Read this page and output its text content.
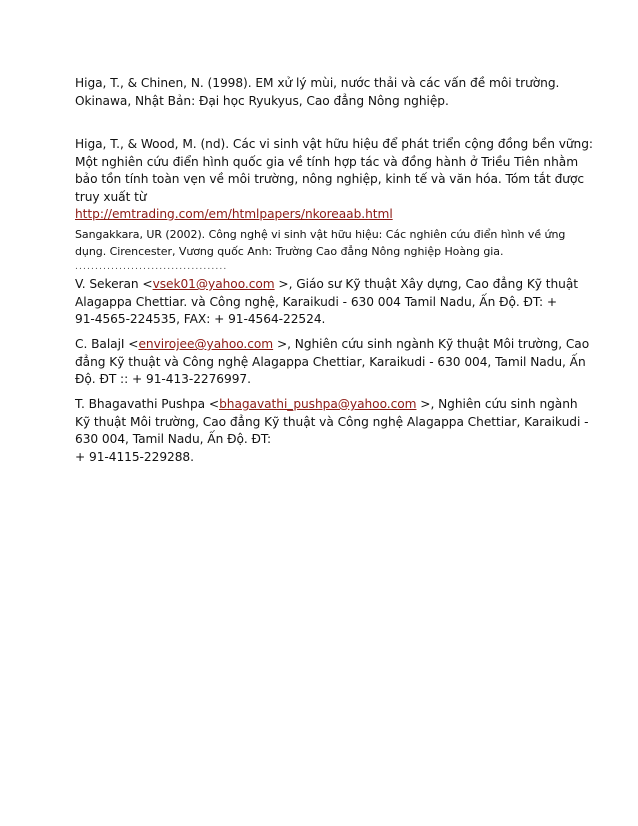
Higa, T., & Chinen, N. (1998). EM xử lý mùi, nước thải và các vấn đề môi trường.
Okinawa, Nhật Bản: Đại học Ryukyus, Cao đẳng Nông nghiệp.
Higa, T., & Wood, M. (nd). Các vi sinh vật hữu hiệu để phát triển cộng đồng bền vững:
Một nghiên cứu điển hình quốc gia về tính hợp tác và đồng hành ở Triều Tiên nhằm
bảo tồn tính toàn vẹn về môi trường, nông nghiệp, kinh tế và văn hóa. Tóm tắt được
truy xuất từ
http://emtrading.com/em/htmlpapers/nkoreaab.html
Sangakkara, UR (2002). Công nghệ vi sinh vật hữu hiệu: Các nghiên cứu điển hình về ứng
dụng. Cirencester, Vương quốc Anh: Trường Cao đẳng Nông nghiệp Hoàng gia.
......................................
V. Sekeran <vsek01@yahoo.com >, Giáo sư Kỹ thuật Xây dựng, Cao đẳng Kỹ thuật
Alagappa Chettiar. và Công nghệ, Karaikudi - 630 004 Tamil Nadu, Ấn Độ. ĐT: +
91-4565-224535, FAX: + 91-4564-22524.
C. BalajI <envirojee@yahoo.com >, Nghiên cứu sinh ngành Kỹ thuật Môi trường, Cao
đẳng Kỹ thuật và Công nghệ Alagappa Chettiar, Karaikudi - 630 004, Tamil Nadu, Ấn
Độ. ĐT :: + 91-413-2276997.
T. Bhagavathi Pushpa <bhagavathi_pushpa@yahoo.com >, Nghiên cứu sinh ngành
Kỹ thuật Môi trường, Cao đẳng Kỹ thuật và Công nghệ Alagappa Chettiar, Karaikudi -
630 004, Tamil Nadu, Ấn Độ. ĐT:
+ 91-4115-229288.
